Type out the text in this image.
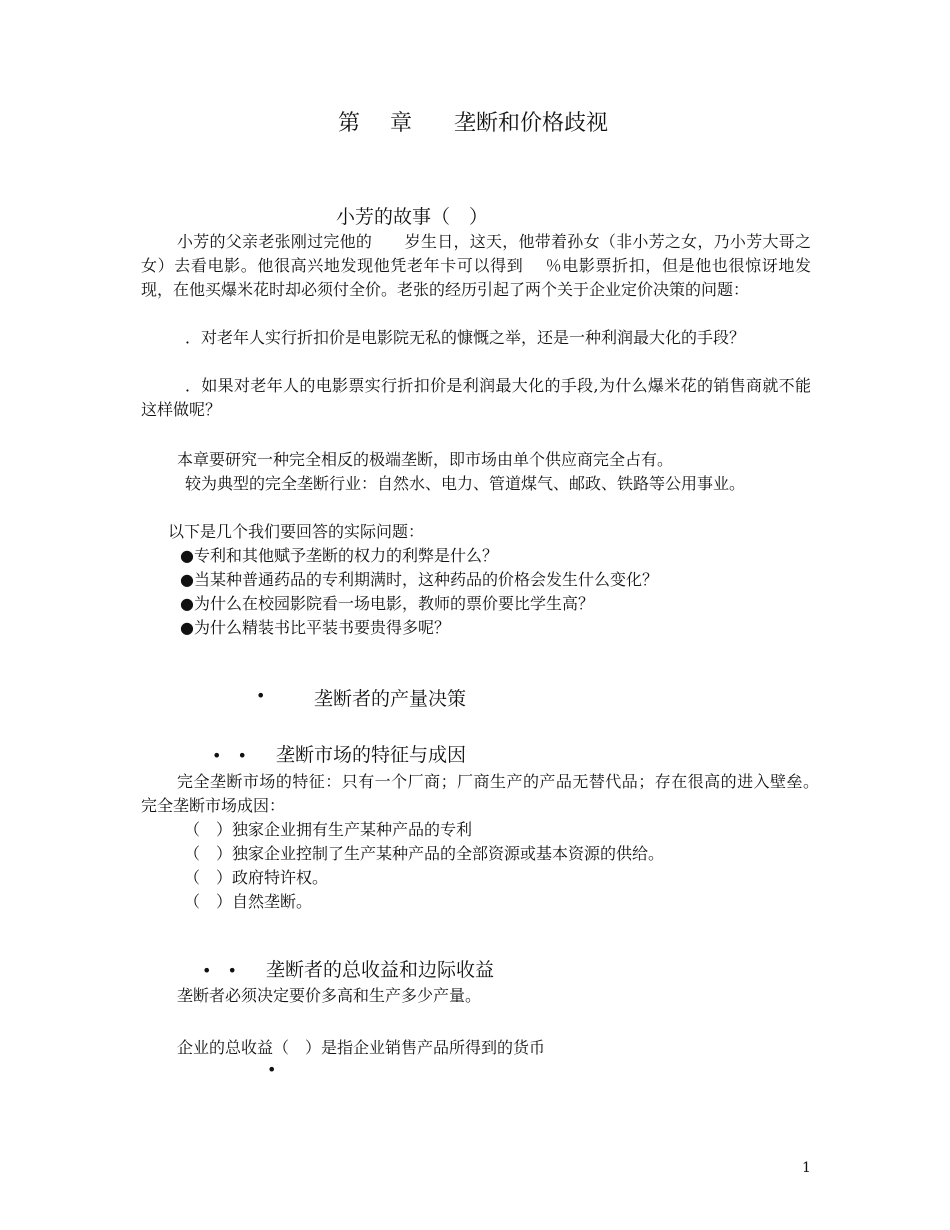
第 章 垄断和价格歧视
小芳的故事（　）
小芳的父亲老张刚过完他的　　岁生日，这天，他带着孙女（非小芳之女，乃小芳大哥之女）去看电影。他很高兴地发现他凭老年卡可以得到　 ％电影票折扣，但是他也很惊讶地发现，在他买爆米花时却必须付全价。老张的经历引起了两个关于企业定价决策的问题：
．对老年人实行折扣价是电影院无私的慷慨之举，还是一种利润最大化的手段？
．如果对老年人的电影票实行折扣价是利润最大化的手段,为什么爆米花的销售商就不能这样做呢？
本章要研究一种完全相反的极端垄断，即市场由单个供应商完全占有。
较为典型的完全垄断行业：自然水、电力、管道煤气、邮政、铁路等公用事业。
以下是几个我们要回答的实际问题：
●专利和其他赋予垄断的权力的利弊是什么？
●当某种普通药品的专利期满时，这种药品的价格会发生什么变化？
●为什么在校园影院看一场电影，教师的票价要比学生高？
●为什么精装书比平装书要贵得多呢？
•	垄断者的产量决策
•　• 垄断市场的特征与成因
完全垄断市场的特征：只有一个厂商；厂商生产的产品无替代品；存在很高的进入壁垒。　完全垄断市场成因：
（　）独家企业拥有生产某种产品的专利
（　）独家企业控制了生产某种产品的全部资源或基本资源的供给。
（　）政府特许权。
（　）自然垄断。
•　• 垄断者的总收益和边际收益
垄断者必须决定要价多高和生产多少产量。
企业的总收益（　）是指企业销售产品所得到的货币
•
1
